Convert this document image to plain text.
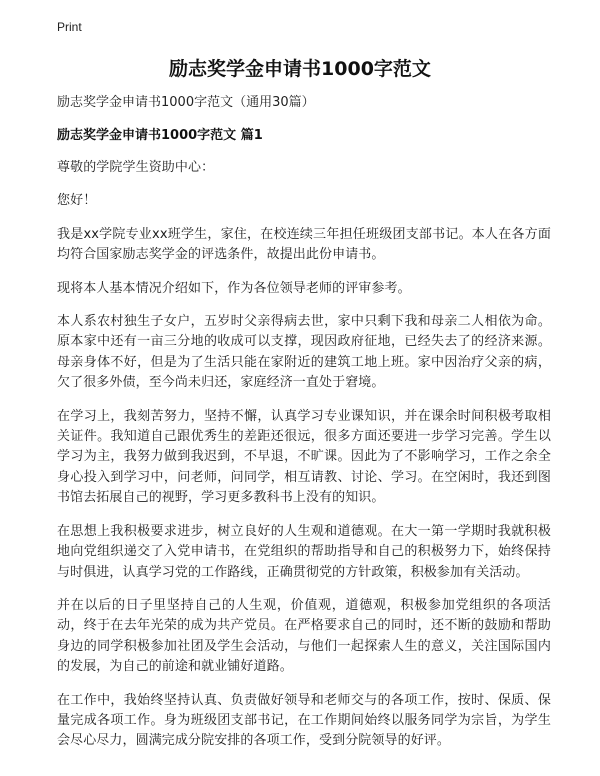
Print
励志奖学金申请书1000字范文

励志奖学金申请书1000字范文（通用30篇）

励志奖学金申请书1000字范文 篇1

尊敬的学院学生资助中心：

您好！

我是xx学院专业xx班学生，家住，在校连续三年担任班级团支部书记。本人在各方面均符合国家励志奖学金的评选条件，故提出此份申请书。

现将本人基本情况介绍如下，作为各位领导老师的评审参考。

本人系农村独生子女户，五岁时父亲得病去世，家中只剩下我和母亲二人相依为命。原本家中还有一亩三分地的收成可以支撑，现因政府征地，已经失去了的经济来源。母亲身体不好，但是为了生活只能在家附近的建筑工地上班。家中因治疗父亲的病，欠了很多外债，至今尚未归还，家庭经济一直处于窘境。

在学习上，我刻苦努力，坚持不懈，认真学习专业课知识，并在课余时间积极考取相关证件。我知道自己跟优秀生的差距还很远，很多方面还要进一步学习完善。学生以学习为主，我努力做到我迟到，不早退，不旷课。因此为了不影响学习，工作之余全身心投入到学习中，问老师，问同学，相互请教、讨论、学习。在空闲时，我还到图书馆去拓展自己的视野，学习更多教科书上没有的知识。

在思想上我积极要求进步，树立良好的人生观和道德观。在大一第一学期时我就积极地向党组织递交了入党申请书，在党组织的帮助指导和自己的积极努力下，始终保持与时俱进，认真学习党的工作路线，正确贯彻党的方针政策，积极参加有关活动。

并在以后的日子里坚持自己的人生观，价值观，道德观，积极参加党组织的各项活动，终于在去年光荣的成为共产党员。在严格要求自己的同时，还不断的鼓励和帮助身边的同学积极参加社团及学生会活动，与他们一起探索人生的意义，关注国际国内的发展，为自己的前途和就业铺好道路。

在工作中，我始终坚持认真、负责做好领导和老师交与的各项工作，按时、保质、保量完成各项工作。身为班级团支部书记，在工作期间始终以服务同学为宗旨，为学生会尽心尽力，圆满完成分院安排的各项工作，受到分院领导的好评。
